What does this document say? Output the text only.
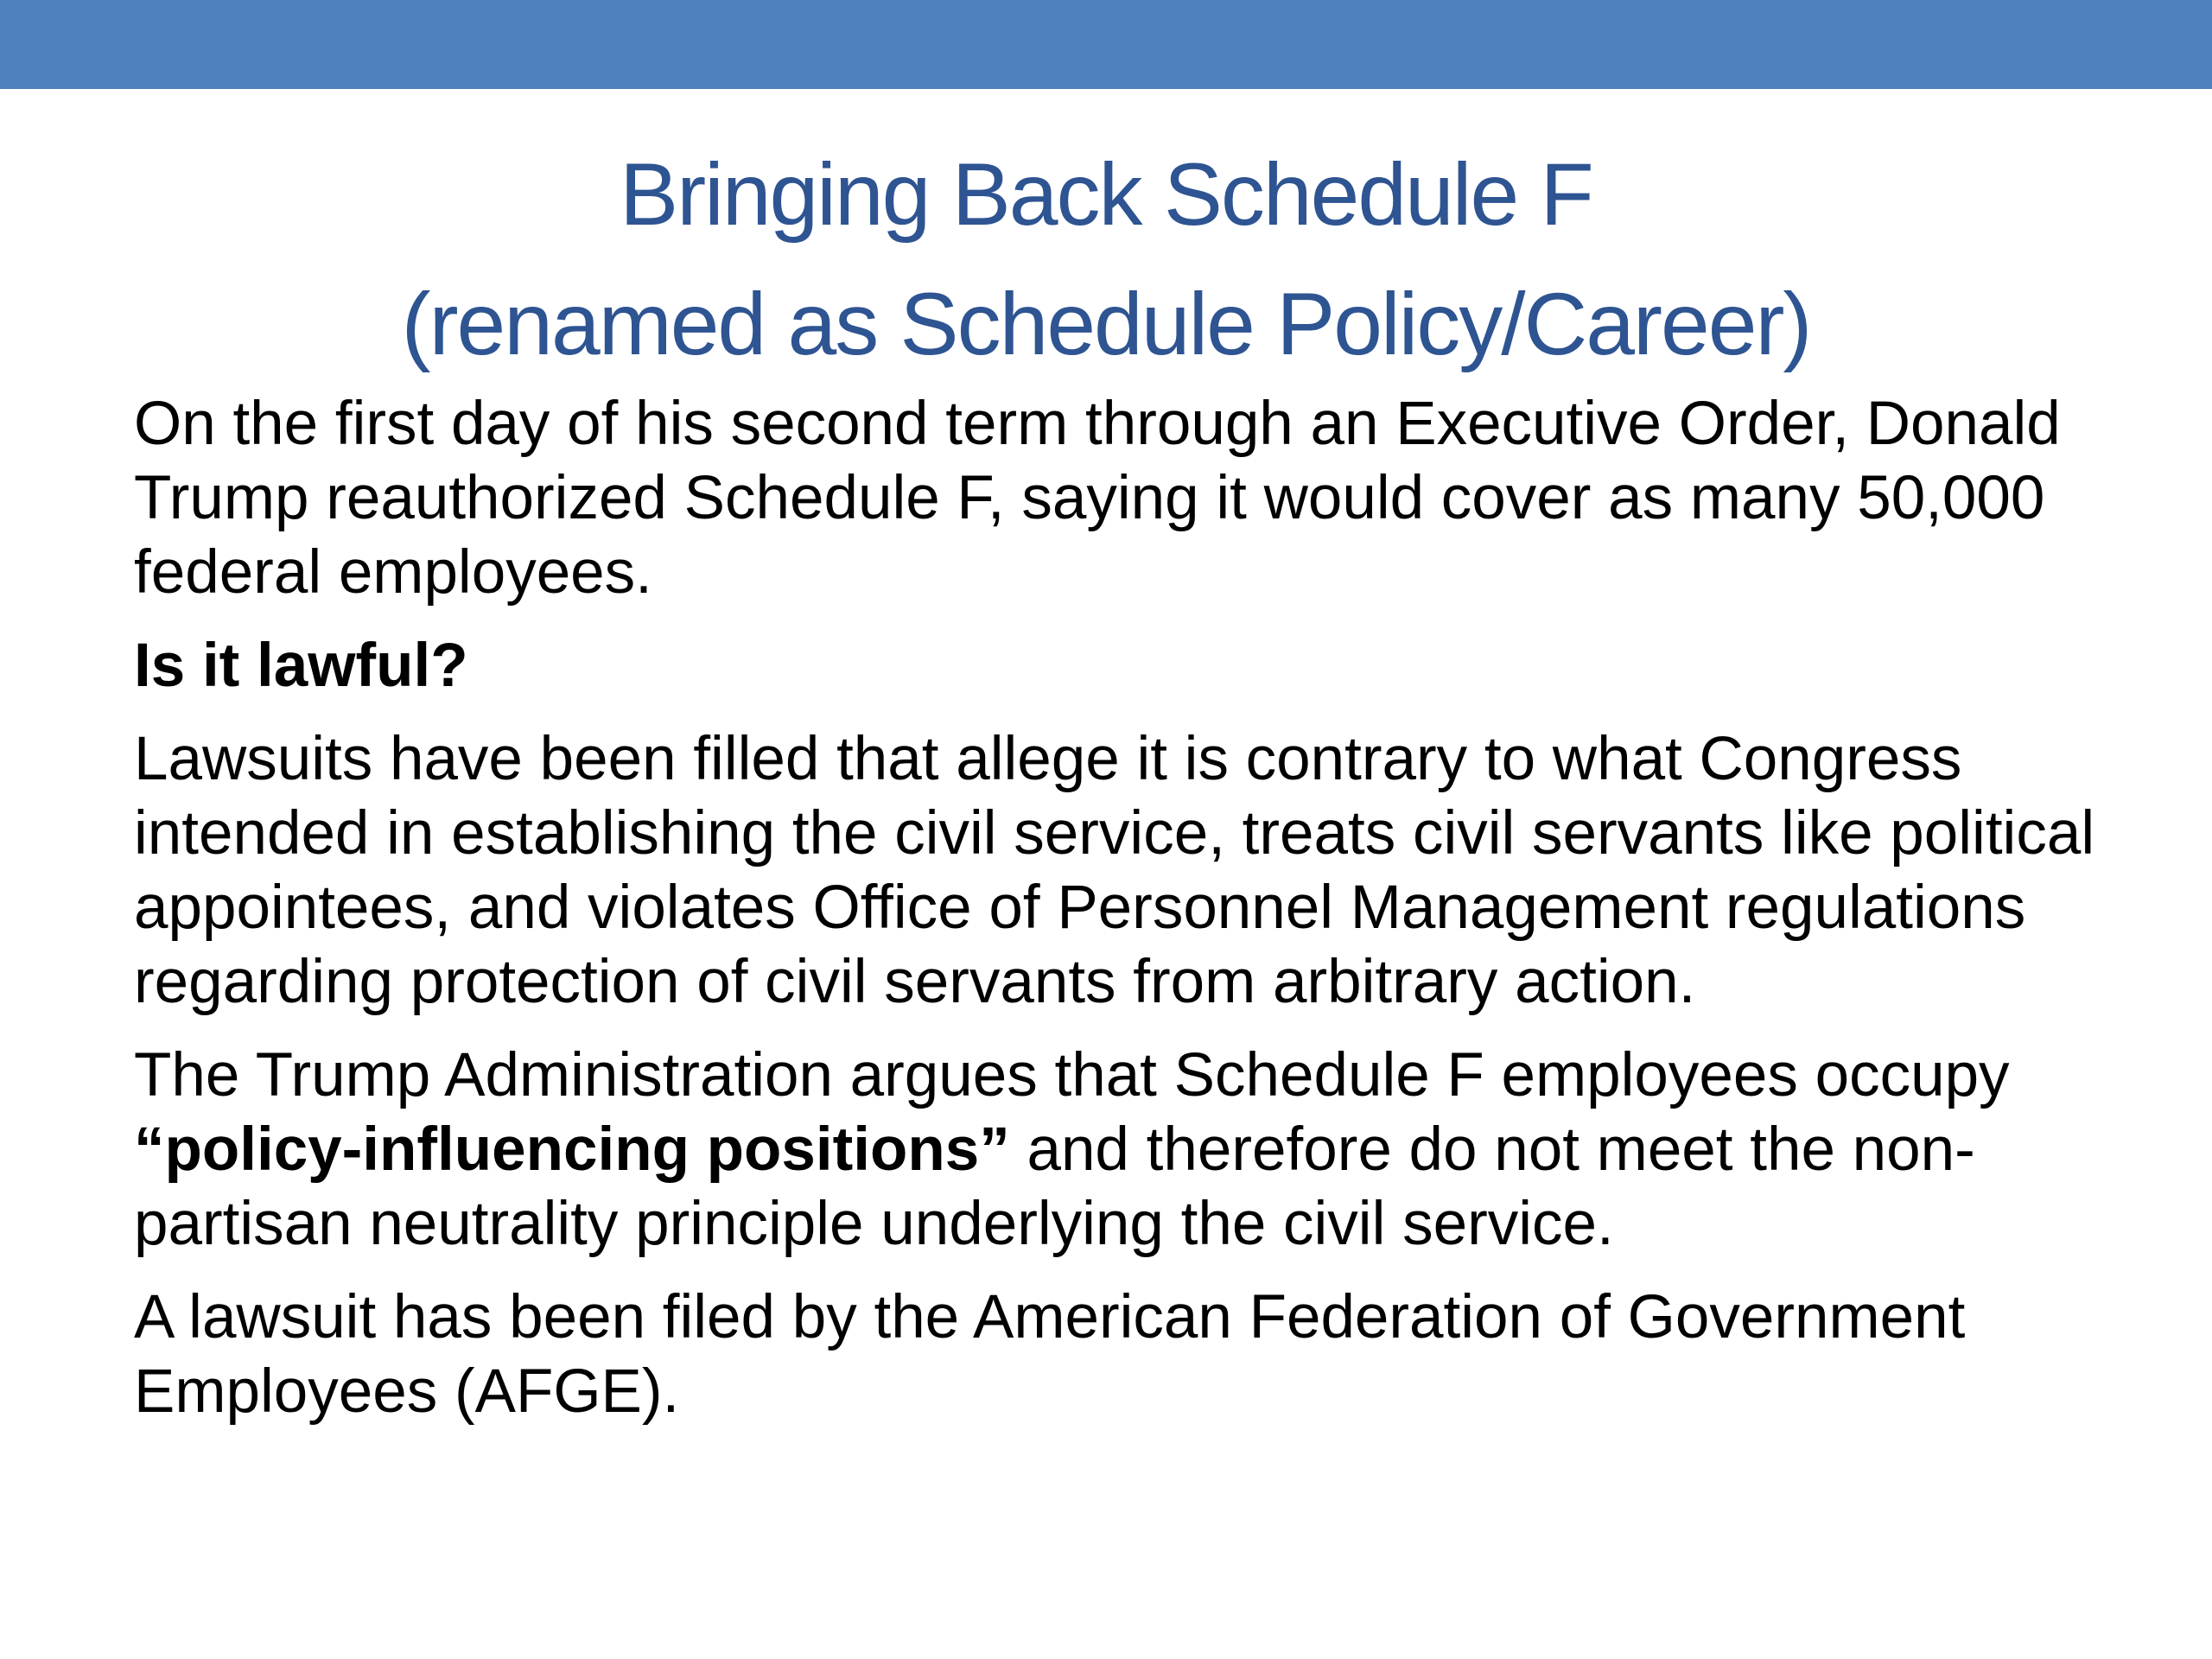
Bringing Back Schedule F
(renamed as Schedule Policy/Career)

On the first day of his second term through an Executive Order, Donald Trump reauthorized Schedule F, saying it would cover as many 50,000 federal employees.

Is it lawful?

Lawsuits have been filled that allege it is contrary to what Congress intended in establishing the civil service, treats civil servants like political appointees, and violates Office of Personnel Management regulations regarding protection of civil servants from arbitrary action.

The Trump Administration argues that Schedule F employees occupy “policy-influencing positions” and therefore do not meet the non-partisan neutrality principle underlying the civil service.

A lawsuit has been filed by the American Federation of Government Employees (AFGE).
